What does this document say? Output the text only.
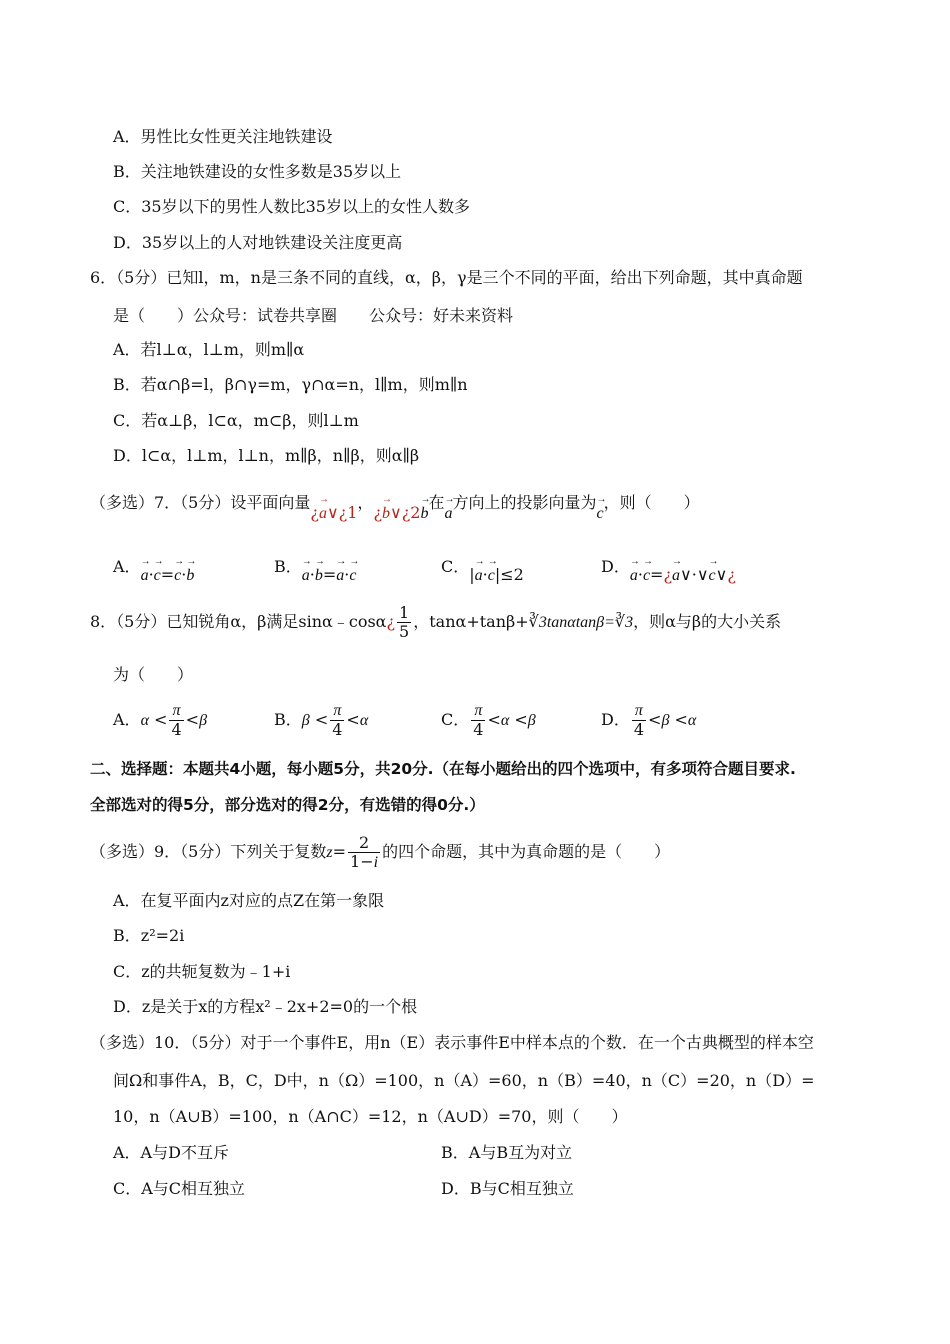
A．男性比女性更关注地铁建设
B．关注地铁建设的女性多数是35岁以上
C．35岁以下的男性人数比35岁以上的女性人数多
D．35岁以上的人对地铁建设关注度更高
6．（5分）已知l，m，n是三条不同的直线，α，β，γ是三个不同的平面，给出下列命题，其中真命题
是（　　）公众号：试卷共享圈　　公众号：好未来资料
A．若l⊥α，l⊥m，则m∥α
B．若α∩β=l，β∩γ=m，γ∩α=n，l∥m，则m∥n
C．若α⊥β，l⊂α，m⊂β，则l⊥m
D．l⊂α，l⊥m，l⊥n，m∥β，n∥β，则α∥β
（多选）7．（5分）设平面向量¿→ a∨¿1，¿→ b∨¿2→ b在→ a方向上的投影向量为→ c，则（　　）
A．→ a·→ c=→ c·→ b	B．→ a·→ b=→ a·→ c	C．|→ a·→ c|≤2	D．→ a·→ c=¿→ a∨·∨→ c∨¿
8．（5分）已知锐角α，β满足sinα﹣cosα¿ $\frac{1}{5}$ ，tanα+tanβ+∛3tanαtanβ=∛3，则α与β的大小关系
为（　　）
A．$\alpha < \frac{\pi}{4} <\beta$	B．$\beta < \frac{\pi}{4} <\alpha$	C． $\frac{\pi}{4} <\alpha <\beta$	D． $\frac{\pi}{4} <\beta <\alpha$
二、选择题：本题共4小题，每小题5分，共20分.（在每小题给出的四个选项中，有多项符合题目要求.
全部选对的得5分，部分选对的得2分，有选错的得0分.）
（多选）9．（5分）下列关于复数$z= \frac{2}{1-i}$ 的四个命题，其中为真命题的是（　　）
A．在复平面内z对应的点Z在第一象限
B．z²=2i
C．z的共轭复数为﹣1+i
D．z是关于x的方程x²﹣2x+2=0的一个根
（多选）10．（5分）对于一个事件E，用n（E）表示事件E中样本点的个数．在一个古典概型的样本空
间Ω和事件A，B，C，D中，n（Ω）=100，n（A）=60，n（B）=40，n（C）=20，n（D）=
10，n（A∪B）=100，n（A∩C）=12，n（A∪D）=70，则（　　）
A．A与D不互斥	B．A与B互为对立
C．A与C相互独立	D．B与C相互独立
